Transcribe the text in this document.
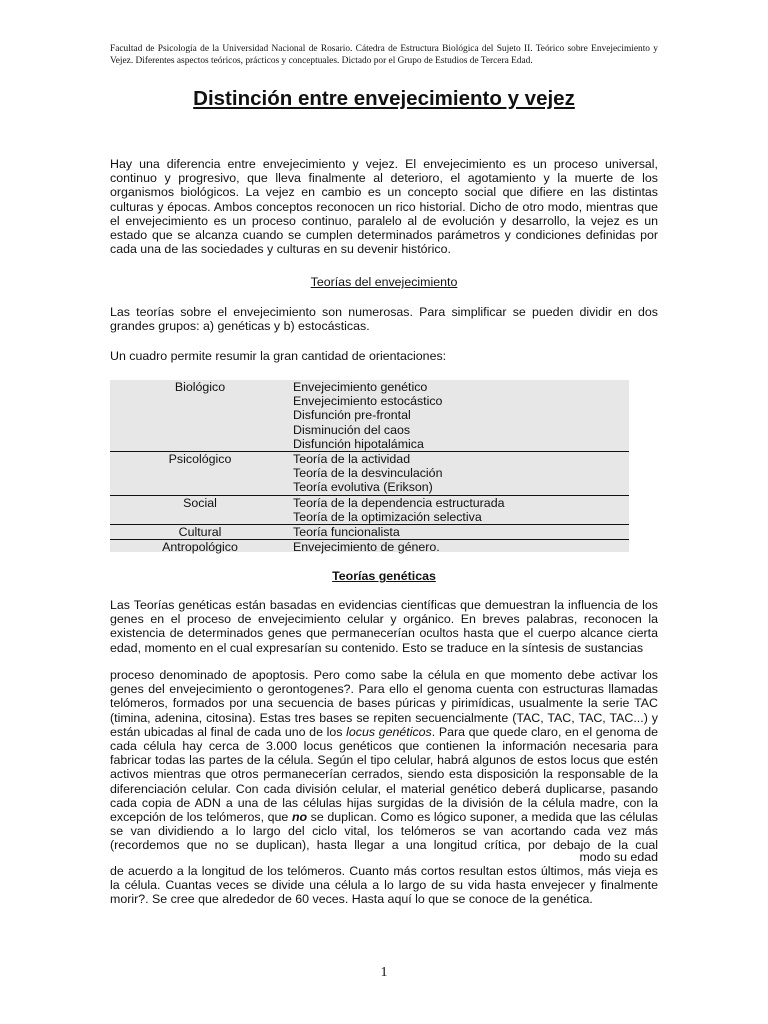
Facultad de Psicología de la Universidad Nacional de Rosario. Cátedra de Estructura Biológica del Sujeto II. Teórico sobre Envejecimiento y Vejez. Diferentes aspectos teóricos, prácticos y conceptuales. Dictado por el Grupo de Estudios de Tercera Edad.
Distinción entre envejecimiento y vejez

Hay una diferencia entre envejecimiento y vejez. El envejecimiento es un proceso universal, continuo y progresivo, que lleva finalmente al deterioro, el agotamiento y la muerte de los organismos biológicos. La vejez en cambio es un concepto social que difiere en las distintas culturas y épocas. Ambos conceptos reconocen un rico historial. Dicho de otro modo, mientras que el envejecimiento es un proceso continuo, paralelo al de evolución y desarrollo, la vejez es un estado que se alcanza cuando se cumplen determinados parámetros y condiciones definidas por cada una de las sociedades y culturas en su devenir histórico.

Teorías del envejecimiento

Las teorías sobre el envejecimiento son numerosas. Para simplificar se pueden dividir en dos grandes grupos: a) genéticas y b) estocásticas.

Un cuadro permite resumir la gran cantidad de orientaciones:

Biológico	Envejecimiento genético
	Envejecimiento estocástico
	Disfunción pre-frontal
	Disminución del caos
	Disfunción hipotalámica
Psicológico	Teoría de la actividad
	Teoría de la desvinculación
	Teoría evolutiva (Erikson)
Social	Teoría de la dependencia estructurada
	Teoría de la optimización selectiva
Cultural	Teoría funcionalista
Antropológico	Envejecimiento de género.
Teorías genéticas

Las Teorías genéticas están basadas en evidencias científicas que demuestran la influencia de los genes en el proceso de envejecimiento celular y orgánico. En breves palabras, reconocen la existencia de determinados genes que permanecerían ocultos hasta que el cuerpo alcance cierta edad, momento en el cual expresarían su contenido. Esto se traduce en la síntesis de sustancias

proceso denominado de apoptosis. Pero como sabe la célula en que momento debe activar los genes del envejecimiento o gerontogenes?. Para ello el genoma cuenta con estructuras llamadas telómeros, formados por una secuencia de bases púricas y pirimídicas, usualmente la serie TAC (timina, adenina, citosina). Estas tres bases se repiten secuencialmente (TAC, TAC, TAC, TAC...) y están ubicadas al final de cada uno de los locus genéticos. Para que quede claro, en el genoma de cada célula hay cerca de 3.000 locus genéticos que contienen la información necesaria para fabricar todas las partes de la célula. Según el tipo celular, habrá algunos de estos locus que estén activos mientras que otros permanecerían cerrados, siendo esta disposición la responsable de la diferenciación celular. Con cada división celular, el material genético deberá duplicarse, pasando cada copia de ADN a una de las células hijas surgidas de la división de la célula madre, con la excepción de los telómeros, que no se duplican. Como es lógico suponer, a medida que las células se van dividiendo a lo largo del ciclo vital, los telómeros se van acortando cada vez más (recordemos que no se duplican), hasta llegar a una longitud crítica, por debajo de la cual

modo su edad

de acuerdo a la longitud de los telómeros. Cuanto más cortos resultan estos últimos, más vieja es la célula. Cuantas veces se divide una célula a lo largo de su vida hasta envejecer y finalmente morir?. Se cree que alrededor de 60 veces. Hasta aquí lo que se conoce de la genética.

1
